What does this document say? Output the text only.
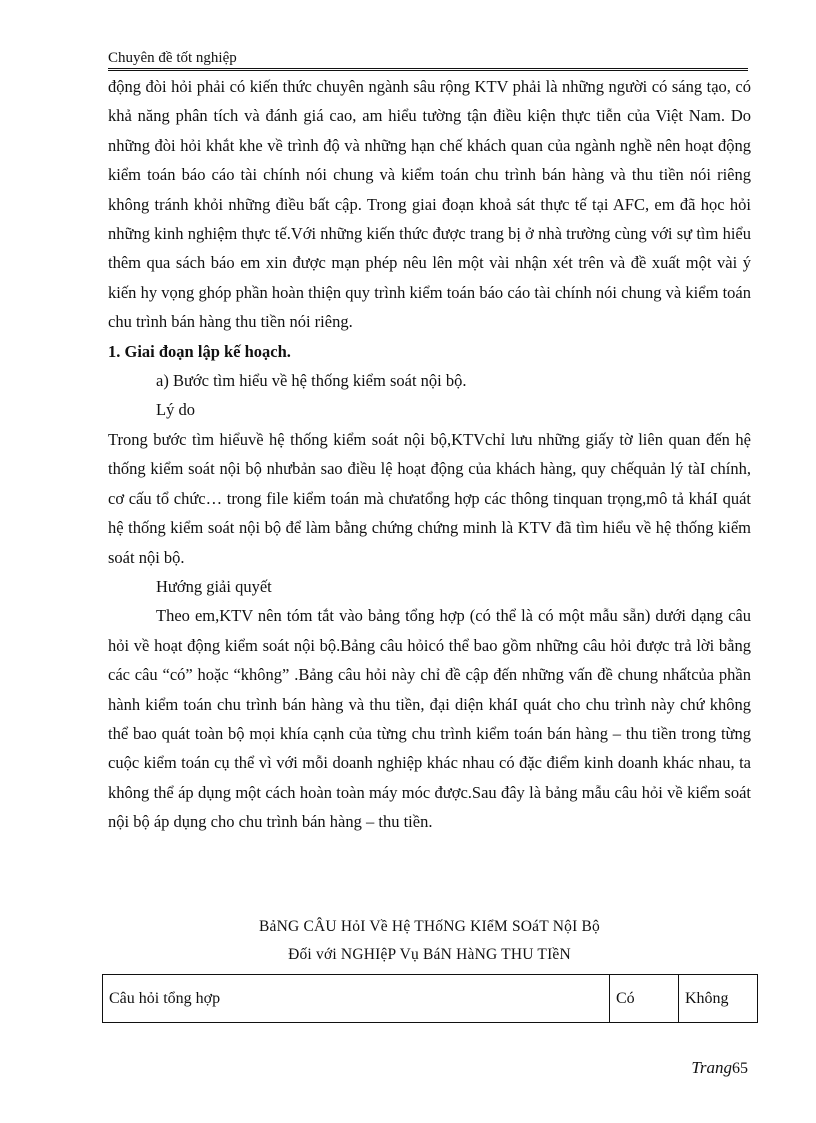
Chuyên đề tốt nghiệp

động đòi hỏi phải có kiến thức chuyên ngành sâu rộng KTV phải là những người có sáng tạo, có khả năng phân tích và đánh giá cao, am hiểu tường tận điều kiện thực tiễn của Việt Nam. Do những đòi hỏi khắt khe về trình độ và những hạn chế khách quan của ngành nghề nên hoạt động kiểm toán báo cáo tài chính nói chung và kiểm toán chu trình bán hàng và thu tiền nói riêng không tránh khỏi những điều bất cập. Trong giai đoạn khoả sát thực tế tại AFC, em đã học hỏi những kinh nghiệm thực tế.Với những kiến thức được trang bị ở nhà trường cùng với sự tìm hiểu thêm qua sách báo em xin được mạn phép nêu lên một vài nhận xét trên và đề xuất một vài ý kiến hy vọng ghóp phần hoàn thiện quy trình kiểm toán báo cáo tài chính nói chung và kiểm toán chu trình bán hàng thu tiền nói riêng.

1. Giai đoạn lập kế hoạch.

a) Bước tìm hiểu về hệ thống kiểm soát nội bộ.

Lý do

Trong bước tìm hiểuvề hệ thống kiểm soát nội bộ,KTVchỉ lưu những giấy tờ liên quan đến hệ thống kiểm soát nội bộ nhưbản sao điều lệ hoạt động của khách hàng, quy chếquản lý tàI chính, cơ cấu tổ chức… trong file kiểm toán mà chưatổng hợp các thông tinquan trọng,mô tả kháI quát hệ thống kiểm soát nội bộ để làm bằng chứng chứng minh là KTV đã tìm hiểu về hệ thống kiểm soát nội bộ.

Hướng giải quyết

Theo em,KTV nên tóm tắt vào bảng tổng hợp (có thể là có một mẫu sẵn) dưới dạng câu hỏi về hoạt động kiểm soát nội bộ.Bảng câu hỏicó thể bao gồm những câu hỏi được trả lời bằng các câu “có” hoặc “không” .Bảng câu hỏi này chỉ đề cập đến những vấn đề chung nhấtcủa phần hành kiểm toán chu trình bán hàng và thu tiền, đại diện kháI quát cho chu trình này chứ không thể bao quát toàn bộ mọi khía cạnh của từng chu trình kiểm toán bán hàng – thu tiền trong từng cuộc kiểm toán cụ thể vì với mỗi doanh nghiệp khác nhau có đặc điểm kinh doanh khác nhau, ta không thể áp dụng một cách hoàn toàn máy móc được.Sau đây là bảng mẫu câu hỏi về kiểm soát nội bộ áp dụng cho chu trình bán hàng – thu tiền.

BảNG CÂU HỏI Về Hệ THốNG KIểM SOáT NộI Bộ
Đối với NGHIệP Vụ BáN HàNG THU TIềN
Câu hỏi tổng hợp	Có	Không
Trang65
